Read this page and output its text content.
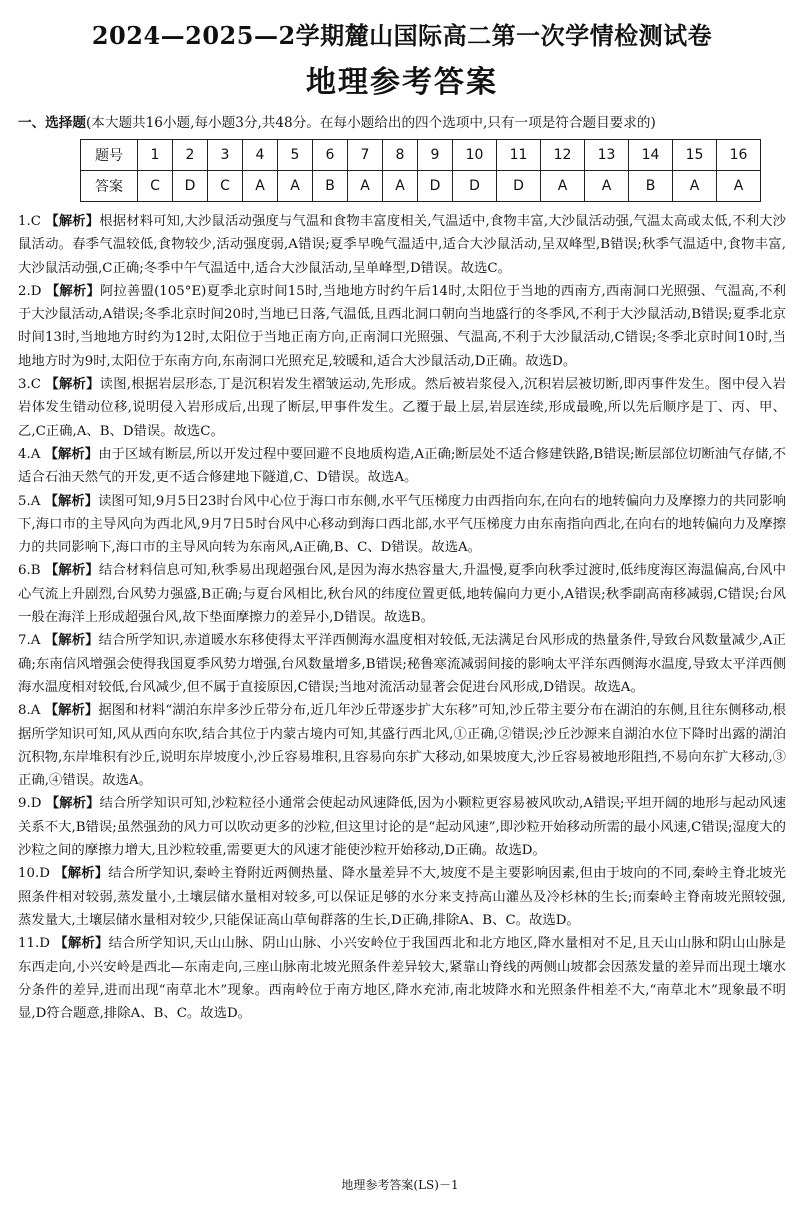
2024—2025—2学期麓山国际高二第一次学情检测试卷
地理参考答案
一、选择题(本大题共16小题,每小题3分,共48分。在每小题给出的四个选项中,只有一项是符合题目要求的)
题号	1	2	3	4	5	6	7	8	9	10	11	12	13	14	15	16
答案	C	D	C	A	A	B	A	A	D	D	D	A	A	B	A	A

1.C 【解析】根据材料可知,大沙鼠活动强度与气温和食物丰富度相关,气温适中,食物丰富,大沙鼠活动强,气温太高或太低,不利大沙鼠活动。春季气温较低,食物较少,活动强度弱,A错误;夏季早晚气温适中,适合大沙鼠活动,呈双峰型,B错误;秋季气温适中,食物丰富,大沙鼠活动强,C正确;冬季中午气温适中,适合大沙鼠活动,呈单峰型,D错误。故选C。

2.D 【解析】阿拉善盟(105°E)夏季北京时间15时,当地地方时约午后14时,太阳位于当地的西南方,西南洞口光照强、气温高,不利于大沙鼠活动,A错误;冬季北京时间20时,当地已日落,气温低,且西北洞口朝向当地盛行的冬季风,不利于大沙鼠活动,B错误;夏季北京时间13时,当地地方时约为12时,太阳位于当地正南方向,正南洞口光照强、气温高,不利于大沙鼠活动,C错误;冬季北京时间10时,当地地方时为9时,太阳位于东南方向,东南洞口光照充足,较暖和,适合大沙鼠活动,D正确。故选D。

3.C 【解析】读图,根据岩层形态,丁是沉积岩发生褶皱运动,先形成。然后被岩浆侵入,沉积岩层被切断,即丙事件发生。图中侵入岩岩体发生错动位移,说明侵入岩形成后,出现了断层,甲事件发生。乙覆于最上层,岩层连续,形成最晚,所以先后顺序是丁、丙、甲、乙,C正确,A、B、D错误。故选C。

4.A 【解析】由于区域有断层,所以开发过程中要回避不良地质构造,A正确;断层处不适合修建铁路,B错误;断层部位切断油气存储,不适合石油天然气的开发,更不适合修建地下隧道,C、D错误。故选A。

5.A 【解析】读图可知,9月5日23时台风中心位于海口市东侧,水平气压梯度力由西指向东,在向右的地转偏向力及摩擦力的共同影响下,海口市的主导风向为西北风,9月7日5时台风中心移动到海口西北部,水平气压梯度力由东南指向西北,在向右的地转偏向力及摩擦力的共同影响下,海口市的主导风向转为东南风,A正确,B、C、D错误。故选A。

6.B 【解析】结合材料信息可知,秋季易出现超强台风,是因为海水热容量大,升温慢,夏季向秋季过渡时,低纬度海区海温偏高,台风中心气流上升剧烈,台风势力强盛,B正确;与夏台风相比,秋台风的纬度位置更低,地转偏向力更小,A错误;秋季副高南移减弱,C错误;台风一般在海洋上形成超强台风,故下垫面摩擦力的差异小,D错误。故选B。

7.A 【解析】结合所学知识,赤道暖水东移使得太平洋西侧海水温度相对较低,无法满足台风形成的热量条件,导致台风数量减少,A正确;东南信风增强会使得我国夏季风势力增强,台风数量增多,B错误;秘鲁寒流减弱间接的影响太平洋东西侧海水温度,导致太平洋西侧海水温度相对较低,台风减少,但不属于直接原因,C错误;当地对流活动显著会促进台风形成,D错误。故选A。

8.A 【解析】据图和材料“湖泊东岸多沙丘带分布,近几年沙丘带逐步扩大东移”可知,沙丘带主要分布在湖泊的东侧,且往东侧移动,根据所学知识可知,风从西向东吹,结合其位于内蒙古境内可知,其盛行西北风,①正确,②错误;沙丘沙源来自湖泊水位下降时出露的湖泊沉积物,东岸堆积有沙丘,说明东岸坡度小,沙丘容易堆积,且容易向东扩大移动,如果坡度大,沙丘容易被地形阻挡,不易向东扩大移动,③正确,④错误。故选A。

9.D 【解析】结合所学知识可知,沙粒粒径小通常会使起动风速降低,因为小颗粒更容易被风吹动,A错误;平坦开阔的地形与起动风速关系不大,B错误;虽然强劲的风力可以吹动更多的沙粒,但这里讨论的是“起动风速”,即沙粒开始移动所需的最小风速,C错误;湿度大的沙粒之间的摩擦力增大,且沙粒较重,需要更大的风速才能使沙粒开始移动,D正确。故选D。

10.D 【解析】结合所学知识,秦岭主脊附近两侧热量、降水量差异不大,坡度不是主要影响因素,但由于坡向的不同,秦岭主脊北坡光照条件相对较弱,蒸发量小,土壤层储水量相对较多,可以保证足够的水分来支持高山灌丛及冷杉林的生长;而秦岭主脊南坡光照较强,蒸发量大,土壤层储水量相对较少,只能保证高山草甸群落的生长,D正确,排除A、B、C。故选D。

11.D 【解析】结合所学知识,天山山脉、阴山山脉、小兴安岭位于我国西北和北方地区,降水量相对不足,且天山山脉和阴山山脉是东西走向,小兴安岭是西北—东南走向,三座山脉南北坡光照条件差异较大,紧靠山脊线的两侧山坡都会因蒸发量的差异而出现土壤水分条件的差异,进而出现“南草北木”现象。西南岭位于南方地区,降水充沛,南北坡降水和光照条件相差不大,“南草北木”现象最不明显,D符合题意,排除A、B、C。故选D。

地理参考答案(LS)－1
